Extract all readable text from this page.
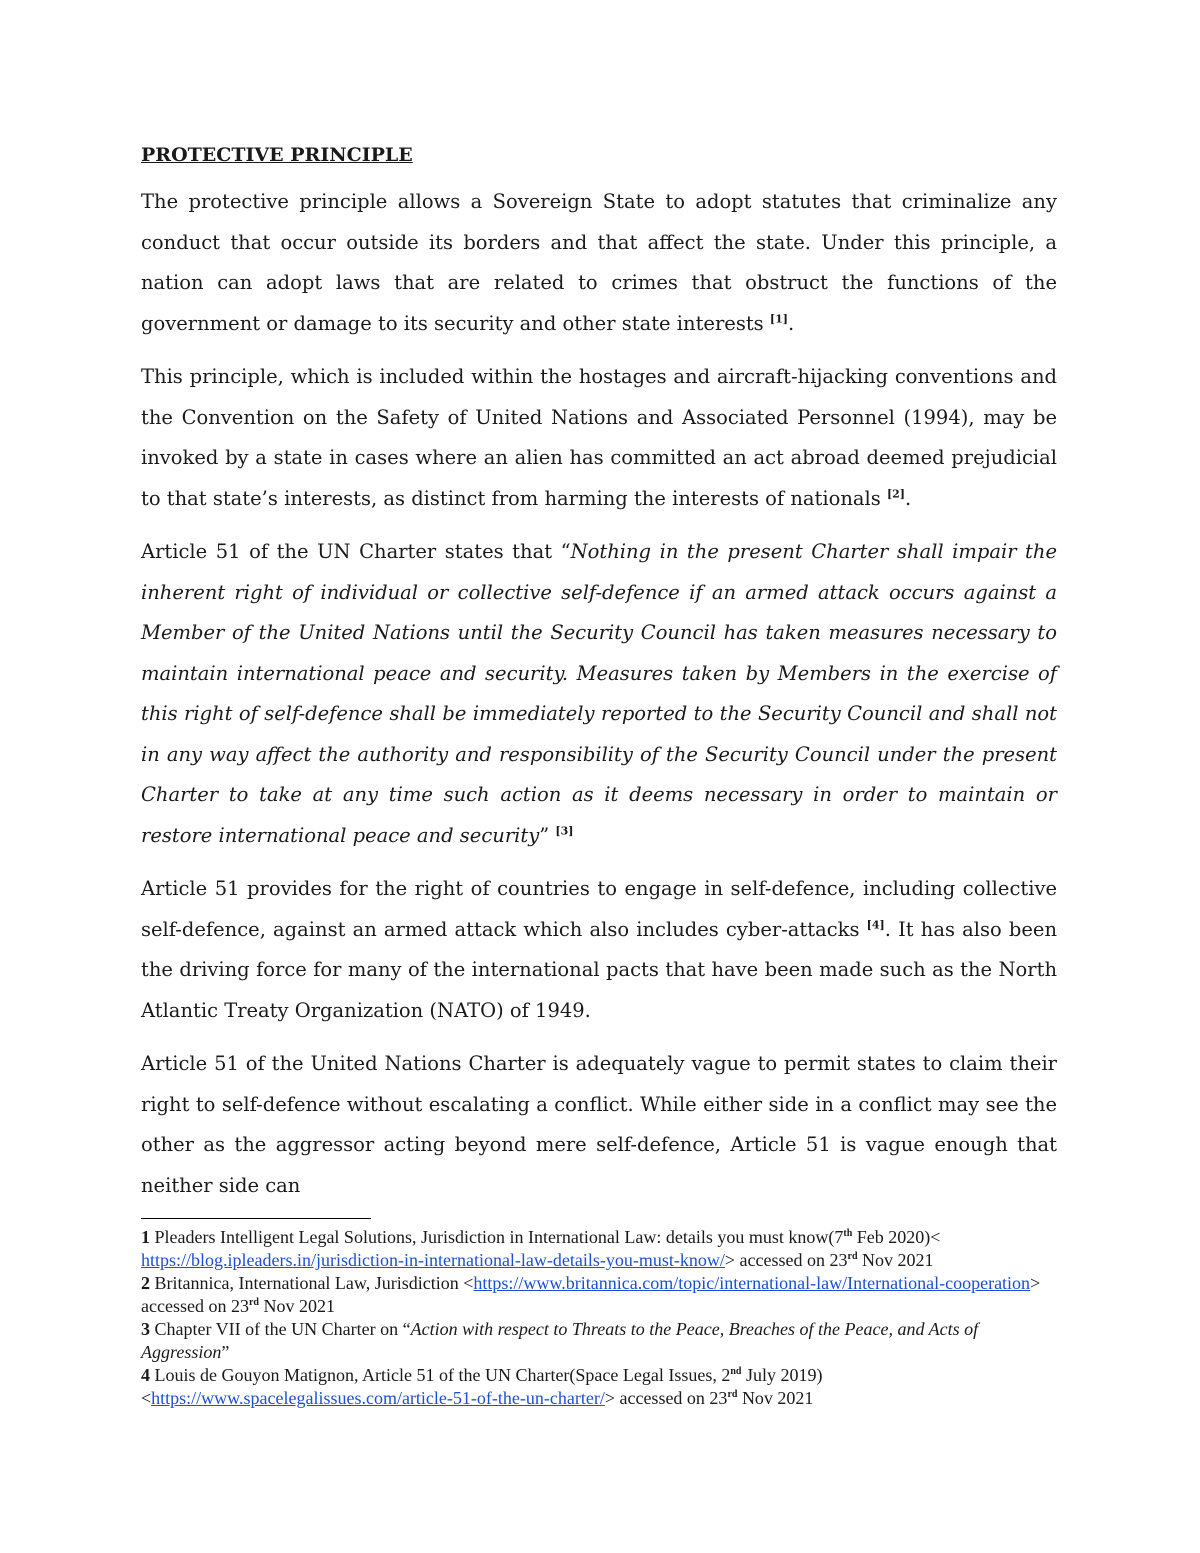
PROTECTIVE PRINCIPLE

The protective principle allows a Sovereign State to adopt statutes that criminalize any conduct that occur outside its borders and that affect the state. Under this principle, a nation can adopt laws that are related to crimes that obstruct the functions of the government or damage to its security and other state interests [1].

This principle, which is included within the hostages and aircraft-hijacking conventions and the Convention on the Safety of United Nations and Associated Personnel (1994), may be invoked by a state in cases where an alien has committed an act abroad deemed prejudicial to that state’s interests, as distinct from harming the interests of nationals [2].

Article 51 of the UN Charter states that “Nothing in the present Charter shall impair the inherent right of individual or collective self-defence if an armed attack occurs against a Member of the United Nations until the Security Council has taken measures necessary to maintain international peace and security. Measures taken by Members in the exercise of this right of self-defence shall be immediately reported to the Security Council and shall not in any way affect the authority and responsibility of the Security Council under the present Charter to take at any time such action as it deems necessary in order to maintain or restore international peace and security” [3]

Article 51 provides for the right of countries to engage in self-defence, including collective self-defence, against an armed attack which also includes cyber-attacks [4]. It has also been the driving force for many of the international pacts that have been made such as the North Atlantic Treaty Organization (NATO) of 1949.

Article 51 of the United Nations Charter is adequately vague to permit states to claim their right to self-defence without escalating a conflict. While either side in a conflict may see the other as the aggressor acting beyond mere self-defence, Article 51 is vague enough that neither side can

1 Pleaders Intelligent Legal Solutions, Jurisdiction in International Law: details you must know(7th Feb 2020)< https://blog.ipleaders.in/jurisdiction-in-international-law-details-you-must-know/> accessed on 23rd Nov 2021

2 Britannica, International Law, Jurisdiction <https://www.britannica.com/topic/international-law/International-cooperation> accessed on 23rd Nov 2021

3 Chapter VII of the UN Charter on “Action with respect to Threats to the Peace, Breaches of the Peace, and Acts of Aggression”

4 Louis de Gouyon Matignon, Article 51 of the UN Charter(Space Legal Issues, 2nd July 2019)<https://www.spacelegalissues.com/article-51-of-the-un-charter/> accessed on 23rd Nov 2021
